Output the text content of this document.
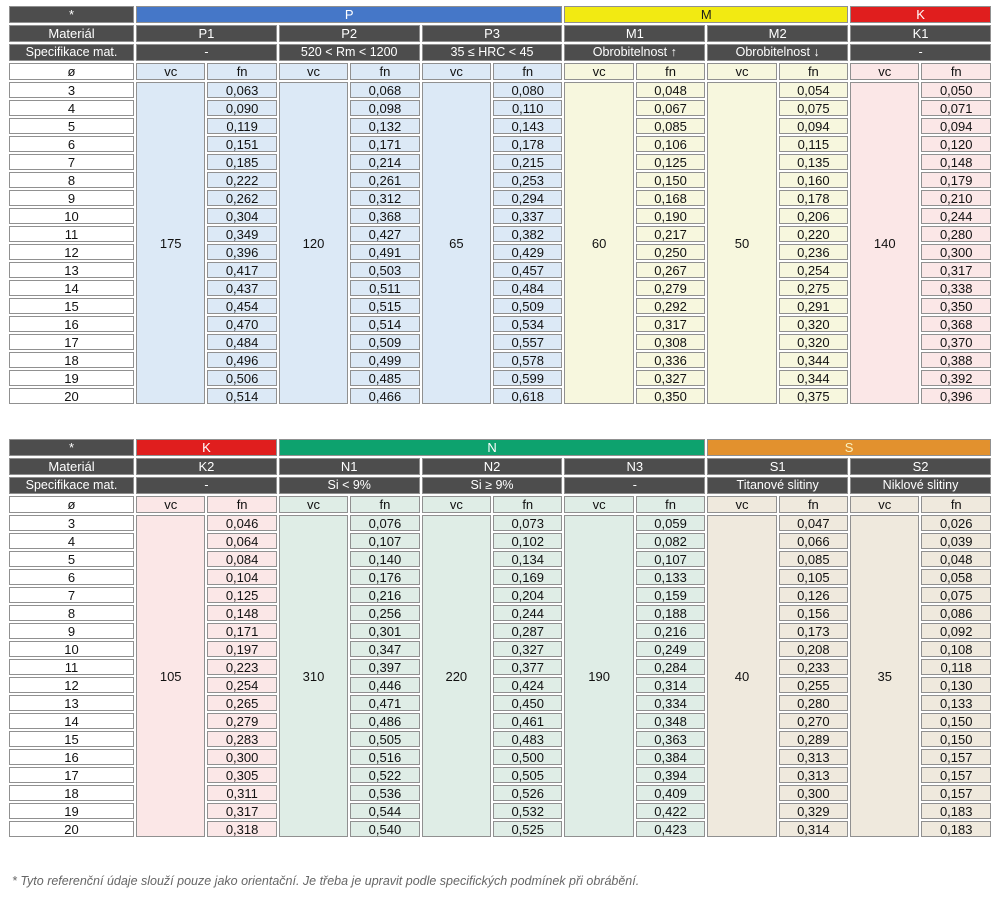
*	P						M				K	

Materiál	P1		P2		P3		M1		M2		K1	

Specifikace mat.	-		520 < Rm < 1200		35 ≤ HRC < 45		Obrobitelnost ↑		Obrobitelnost ↓		-	

ø	vc	fn	vc	fn	vc	fn	vc	fn	vc	fn	vc	fn

3	175	0,063	120	0,068	65	0,080	60	0,048	50	0,054	140	0,050

4		0,090		0,098		0,110		0,067		0,075		0,071

5		0,119		0,132		0,143		0,085		0,094		0,094

6		0,151		0,171		0,178		0,106		0,115		0,120

7		0,185		0,214		0,215		0,125		0,135		0,148

8		0,222		0,261		0,253		0,150		0,160		0,179

9		0,262		0,312		0,294		0,168		0,178		0,210

10		0,304		0,368		0,337		0,190		0,206		0,244

11		0,349		0,427		0,382		0,217		0,220		0,280

12		0,396		0,491		0,429		0,250		0,236		0,300

13		0,417		0,503		0,457		0,267		0,254		0,317

14		0,437		0,511		0,484		0,279		0,275		0,338

15		0,454		0,515		0,509		0,292		0,291		0,350

16		0,470		0,514		0,534		0,317		0,320		0,368

17		0,484		0,509		0,557		0,308		0,320		0,370

18		0,496		0,499		0,578		0,336		0,344		0,388

19		0,506		0,485		0,599		0,327		0,344		0,392

20		0,514		0,466		0,618		0,350		0,375		0,396
*	K		N						S			

Materiál	K2		N1		N2		N3		S1		S2	

Specifikace mat.	-		Si < 9%		Si ≥ 9%		-		Titanové slitiny		Niklové slitiny	

ø	vc	fn	vc	fn	vc	fn	vc	fn	vc	fn	vc	fn

3	105	0,046	310	0,076	220	0,073	190	0,059	40	0,047	35	0,026

4		0,064		0,107		0,102		0,082		0,066		0,039

5		0,084		0,140		0,134		0,107		0,085		0,048

6		0,104		0,176		0,169		0,133		0,105		0,058

7		0,125		0,216		0,204		0,159		0,126		0,075

8		0,148		0,256		0,244		0,188		0,156		0,086

9		0,171		0,301		0,287		0,216		0,173		0,092

10		0,197		0,347		0,327		0,249		0,208		0,108

11		0,223		0,397		0,377		0,284		0,233		0,118

12		0,254		0,446		0,424		0,314		0,255		0,130

13		0,265		0,471		0,450		0,334		0,280		0,133

14		0,279		0,486		0,461		0,348		0,270		0,150

15		0,283		0,505		0,483		0,363		0,289		0,150

16		0,300		0,516		0,500		0,384		0,313		0,157

17		0,305		0,522		0,505		0,394		0,313		0,157

18		0,311		0,536		0,526		0,409		0,300		0,157

19		0,317		0,544		0,532		0,422		0,329		0,183

20		0,318		0,540		0,525		0,423		0,314		0,183
* Tyto referenční údaje slouží pouze jako orientační. Je třeba je upravit podle specifických podmínek při obrábění.
